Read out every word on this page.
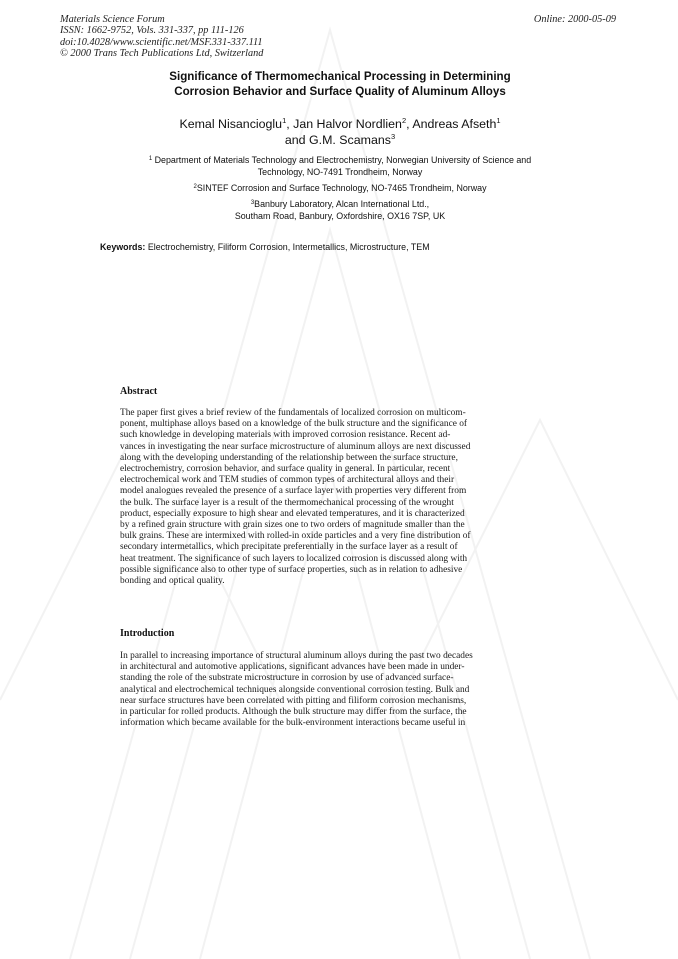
Materials Science Forum
ISSN: 1662-9752, Vols. 331-337, pp 111-126
doi:10.4028/www.scientific.net/MSF.331-337.111
© 2000 Trans Tech Publications Ltd, Switzerland
Online: 2000-05-09
Significance of Thermomechanical Processing in Determining
Corrosion Behavior and Surface Quality of Aluminum Alloys
Kemal Nisancioglu$^1$, Jan Halvor Nordlien$^2$, Andreas Afseth$^1$
and G.M. Scamans$^3$
$^1$ Department of Materials Technology and Electrochemistry, Norwegian University of Science and
Technology, NO-7491 Trondheim, Norway
$^2$SINTEF Corrosion and Surface Technology, NO-7465 Trondheim, Norway
$^3$Banbury Laboratory, Alcan International Ltd.,
Southam Road, Banbury, Oxfordshire, OX16 7SP, UK
Keywords: Electrochemistry, Filiform Corrosion, Intermetallics, Microstructure, TEM
Abstract
The paper first gives a brief review of the fundamentals of localized corrosion on multicom-
ponent, multiphase alloys based on a knowledge of the bulk structure and the significance of
such knowledge in developing materials with improved corrosion resistance. Recent ad-
vances in investigating the near surface microstructure of aluminum alloys are next discussed
along with the developing understanding of the relationship between the surface structure,
electrochemistry, corrosion behavior, and surface quality in general. In particular, recent
electrochemical work and TEM studies of common types of architectural alloys and their
model analogues revealed the presence of a surface layer with properties very different from
the bulk. The surface layer is a result of the thermomechanical processing of the wrought
product, especially exposure to high shear and elevated temperatures, and it is characterized
by a refined grain structure with grain sizes one to two orders of magnitude smaller than the
bulk grains. These are intermixed with rolled-in oxide particles and a very fine distribution of
secondary intermetallics, which precipitate preferentially in the surface layer as a result of
heat treatment. The significance of such layers to localized corrosion is discussed along with
possible significance also to other type of surface properties, such as in relation to adhesive
bonding and optical quality.
Introduction
In parallel to increasing importance of structural aluminum alloys during the past two decades
in architectural and automotive applications, significant advances have been made in under-
standing the role of the substrate microstructure in corrosion by use of advanced surface-
analytical and electrochemical techniques alongside conventional corrosion testing. Bulk and
near surface structures have been correlated with pitting and filiform corrosion mechanisms,
in particular for rolled products. Although the bulk structure may differ from the surface, the
information which became available for the bulk-environment interactions became useful in
